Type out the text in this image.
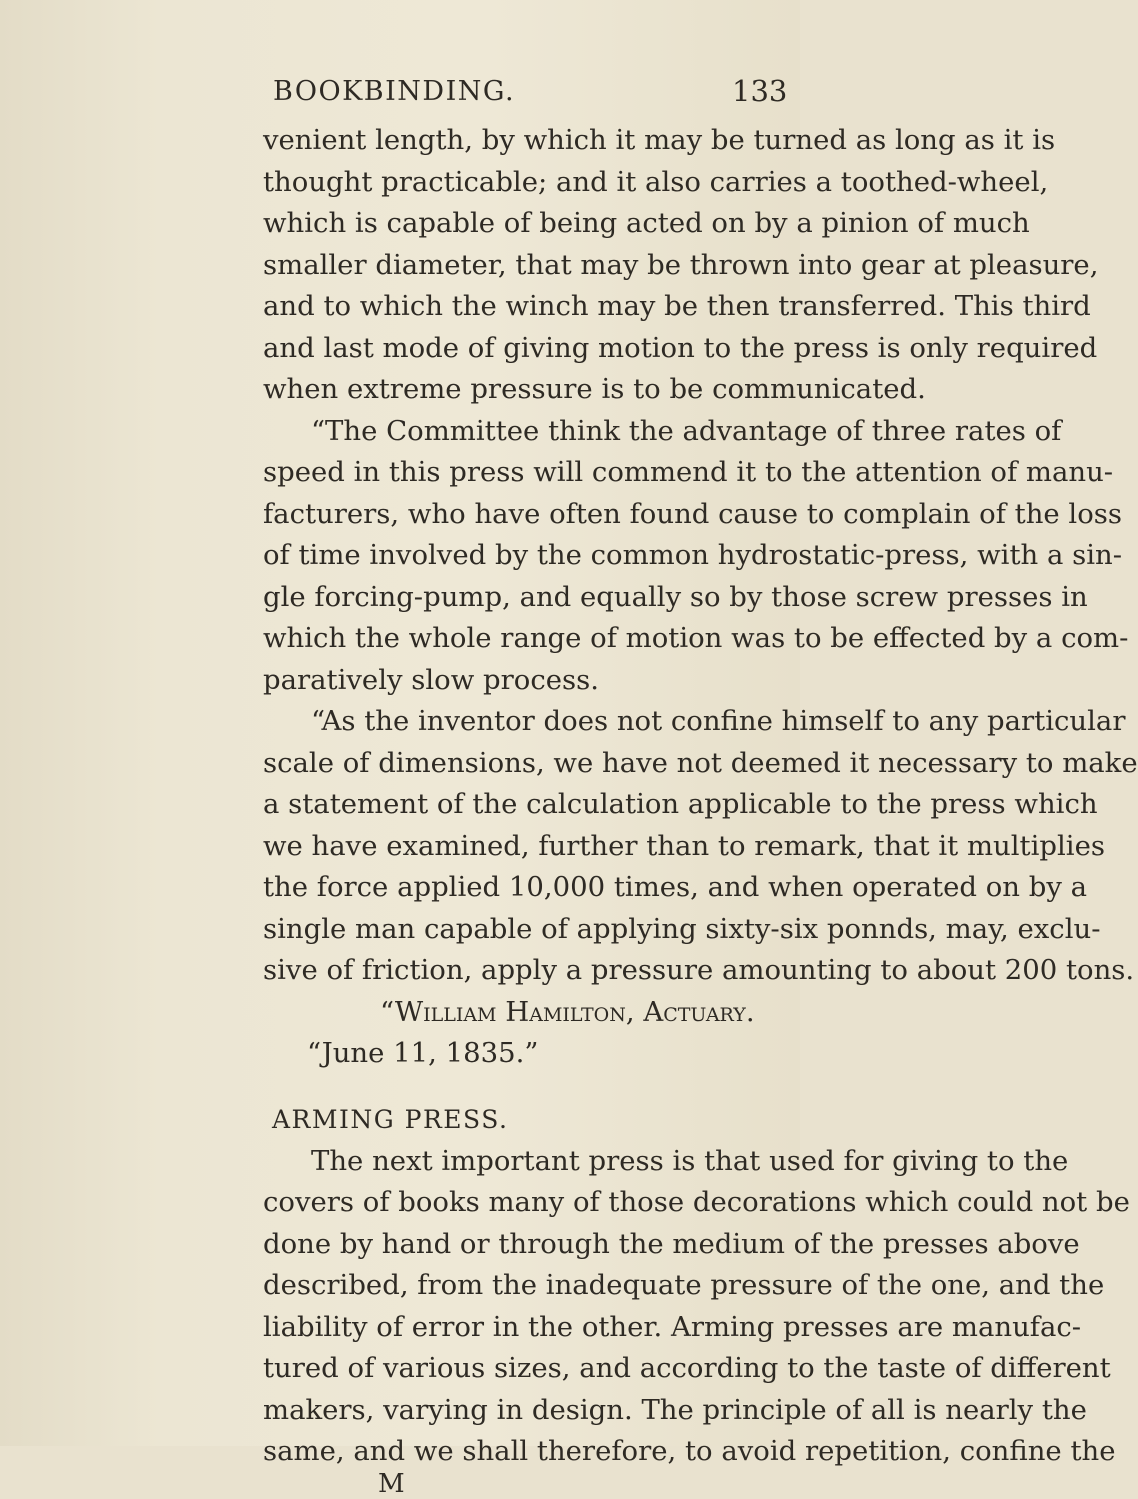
BOOKBINDING.	133
venient length, by which it may be turned as long as it is
thought practicable; and it also carries a toothed-wheel,
which is capable of being acted on by a pinion of much
smaller diameter, that may be thrown into gear at pleasure,
and to which the winch may be then transferred. This third
and last mode of giving motion to the press is only required
when extreme pressure is to be communicated.
“The Committee think the advantage of three rates of
speed in this press will commend it to the attention of manu-
facturers, who have often found cause to complain of the loss
of time involved by the common hydrostatic-press, with a sin-
gle forcing-pump, and equally so by those screw presses in
which the whole range of motion was to be effected by a com-
paratively slow process.
“As the inventor does not confine himself to any particular
scale of dimensions, we have not deemed it necessary to make
a statement of the calculation applicable to the press which
we have examined, further than to remark, that it multiplies
the force applied 10,000 times, and when operated on by a
single man capable of applying sixty-six ponnds, may, exclu-
sive of friction, apply a pressure amounting to about 200 tons.
“William Hamilton, Actuary.
“June 11, 1835.”
ARMING PRESS.
The next important press is that used for giving to the
covers of books many of those decorations which could not be
done by hand or through the medium of the presses above
described, from the inadequate pressure of the one, and the
liability of error in the other. Arming presses are manufac-
tured of various sizes, and according to the taste of different
makers, varying in design. The principle of all is nearly the
same, and we shall therefore, to avoid repetition, confine the
M
